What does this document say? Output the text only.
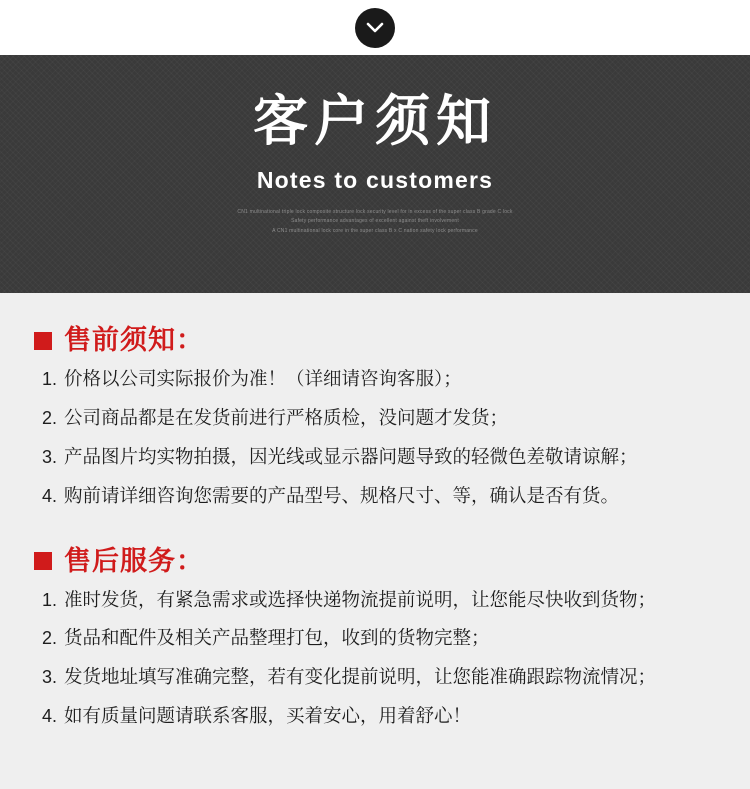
客户须知
Notes to customers
CN1 multinational triple lock composite structure lock security level for in excess of the super class B grade C lock
Safety performance advantages of excellent against theft involvement
A CN1 multinational lock core in the super class B x C nation safety lock performance
售前须知：
1. 价格以公司实际报价为准！（详细请咨询客服）；
2. 公司商品都是在发货前进行严格质检，没问题才发货；
3. 产品图片均实物拍摄，因光线或显示器问题导致的轻微色差敬请谅解；
4. 购前请详细咨询您需要的产品型号、规格尺寸、等，确认是否有货。
售后服务：
1. 准时发货，有紧急需求或选择快递物流提前说明，让您能尽快收到货物；
2. 货品和配件及相关产品整理打包，收到的货物完整；
3. 发货地址填写准确完整，若有变化提前说明，让您能准确跟踪物流情况；
4. 如有质量问题请联系客服，买着安心，用着舒心！
